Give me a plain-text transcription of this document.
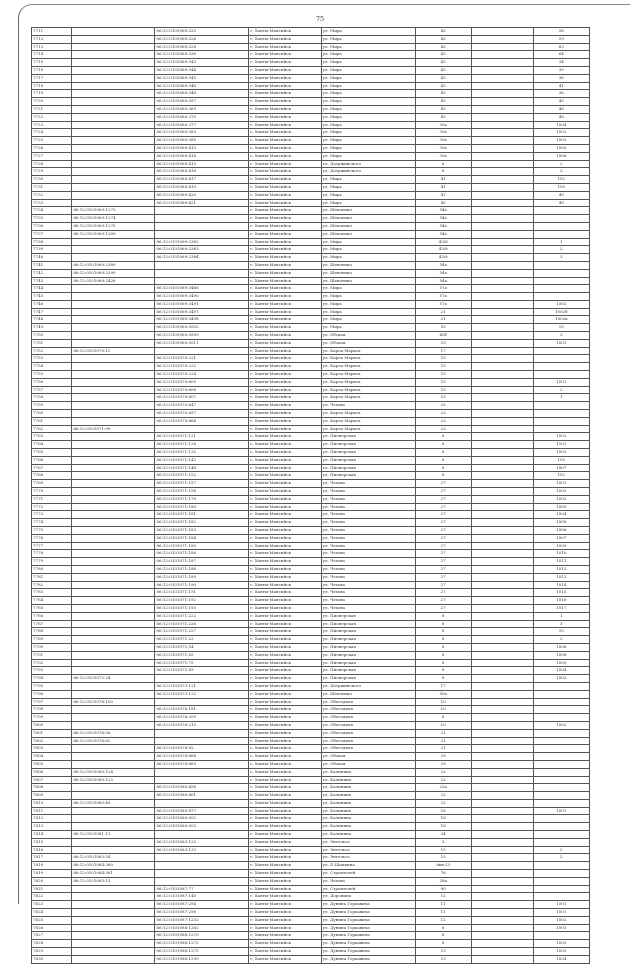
75
7711		86:12:0101069:325	г. Ханты-Мансийск	ул. Мира	43		58
7712		86:12:0101069:326	г. Ханты-Мансийск	ул. Мира	43		59
7713		86:12:0101069:328	г. Ханты-Мансийск	ул. Мира	43		63
7714		86:12:0101069:336	г. Ханты-Мансийск	ул. Мира	43		64
7715		86:12:0101069:343	г. Ханты-Мансийск	ул. Мира	43		34
7716		86:12:0101069:344	г. Ханты-Мансийск	ул. Мира	43		35
7717		86:12:0101069:345	г. Ханты-Мансийск	ул. Мира	43		36
7718		86:12:0101069:346	г. Ханты-Мансийск	ул. Мира	43		41
7719		86:12:0101069:348	г. Ханты-Мансийск	ул. Мира	43		36
7720		86:12:0101069:357	г. Ханты-Мансийск	ул. Мира	43		45
7721		86:12:0101069:369	г. Ханты-Мансийск	ул. Мира	43		46
7722		86:12:0101069:370	г. Ханты-Мансийск	ул. Мира	43		48
7723		86:12:0101069:377	г. Ханты-Мансийск	ул. Мира	39а		1004
7724		86:12:0101069:383	г. Ханты-Мансийск	ул. Мира	39а		1002
7725		86:12:0101069:385	г. Ханты-Мансийск	ул. Мира	39а		1003
7726		86:12:0101069:413	г. Ханты-Мансийск	ул. Мира	39а		1005
7727		86:12:0101069:414	г. Ханты-Мансийск	ул. Мира	39а		1006
7728		86:12:0101069:415	г. Ханты-Мансийск	ул. Дзержинского	6		2
7729		86:12:0101069:416	г. Ханты-Мансийск	ул. Дзержинского	6		3
7730		86:12:0101069:417	г. Ханты-Мансийск	ул. Мира	41		102
7731		86:12:0101069:419	г. Ханты-Мансийск	ул. Мира	41		103
7732		86:12:0101069:420	г. Ханты-Мансийск	ул. Мира	47		49
7733		86:12:0101069:421	г. Ханты-Мансийск	ул. Мира	45		49
7734	86:12:0101069:1273		г. Ханты-Мансийск	ул. Шевченко	54а		
7735	86:12:0101069:1274		г. Ханты-Мансийск	ул. Шевченко	54а		
7736	86:12:0101069:1275		г. Ханты-Мансийск	ул. Шевченко	54а		
7737	86:12:0101069:1289		г. Ханты-Мансийск	ул. Шевченко	54а		
7738		86:12:0101069:2382	г. Ханты-Мансийск	ул. Мира	43/8		1
7739		86:12:0101069:2383	г. Ханты-Мансийск	ул. Мира	43/8		2
7740		86:12:0101069:2384	г. Ханты-Мансийск	ул. Мира	43/8		3
7741	86:12:0101069:2389		г. Ханты-Мансийск	ул. Шевченко	54а		
7742	86:12:0101069:2390		г. Ханты-Мансийск	ул. Шевченко	54а		
7743	86:12:0101069:2426		г. Ханты-Мансийск	ул. Шевченко	54а		
7744		86:12:0101069:3466	г. Ханты-Мансийск	ул. Мира	57а		
7745		86:12:0101069:3490	г. Ханты-Мансийск	ул. Мира	57а		
7746		86:12:0101069:3491	г. Ханты-Мансийск	ул. Мира	57а		1002
7747		86:12:0101069:3497	г. Ханты-Мансийск	ул. Мира	21		1002б
7748		86:12:0101069:3498	г. Ханты-Мансийск	ул. Мира	21		1002в
7749		86:12:0101069:3502	г. Ханты-Мансийск	ул. Мира	55		10
7750		86:12:0101069:3509	г. Ханты-Мансийск	ул. Обская	43б		3
7751		86:12:0101069:3511	г. Ханты-Мансийск	ул. Обская	29		1001
7752	86:12:0101070:12		г. Ханты-Мансийск	ул. Карла Маркса	17		
7753		86:12:0101070:221	г. Ханты-Мансийск	ул. Карла Маркса	15		
7754		86:12:0101070:222	г. Ханты-Мансийск	ул. Карла Маркса	15		
7755		86:12:0101070:224	г. Ханты-Мансийск	ул. Карла Маркса	15		
7756		86:12:0101070:605	г. Ханты-Мансийск	ул. Карла Маркса	15		1001
7757		86:12:0101070:606	г. Ханты-Мансийск	ул. Карла Маркса	15		2
7758		86:12:0101070:607	г. Ханты-Мансийск	ул. Карла Маркса	15		1
7759		86:12:0101070:647	г. Ханты-Мансийск	ул. Чехова	25		
7760		86:12:0101070:657	г. Ханты-Мансийск	ул. Карла Маркса	23		
7761		86:12:0101070:664	г. Ханты-Мансийск	ул. Карла Маркса	23		
7762	86:12:0101071:99		г. Ханты-Мансийск	ул. Карла Маркса	23		
7763		86:12:0101071:121	г. Ханты-Мансийск	ул. Пионерская	8		1002
7764		86:12:0101071:128	г. Ханты-Мансийск	ул. Пионерская	8		1101
7765		86:12:0101071:132	г. Ханты-Мансийск	ул. Пионерская	8		1003
7766		86:12:0101071:142	г. Ханты-Мансийск	ул. Пионерская	8		105
7767		86:12:0101071:148	г. Ханты-Мансийск	ул. Пионерская	8		1007
7768		86:12:0101071:152	г. Ханты-Мансийск	ул. Пионерская	8		102
7769		86:12:0101071:157	г. Ханты-Мансийск	ул. Чехова	27		1001
7770		86:12:0101071:158	г. Ханты-Мансийск	ул. Чехова	27		1003
7771		86:12:0101071:179	г. Ханты-Мансийск	ул. Чехова	27		1002
7772		86:12:0101071:180	г. Ханты-Мансийск	ул. Чехова	27		1005
7773		86:12:0101071:181	г. Ханты-Мансийск	ул. Чехова	27		1004
7774		86:12:0101071:182	г. Ханты-Мансийск	ул. Чехова	27		1008
7775		86:12:0101071:183	г. Ханты-Мансийск	ул. Чехова	27		1006
7776		86:12:0101071:184	г. Ханты-Мансийск	ул. Чехова	27		1007
7777		86:12:0101071:185	г. Ханты-Мансийск	ул. Чехова	27		1009
7778		86:12:0101071:186	г. Ханты-Мансийск	ул. Чехова	27		1010
7779		86:12:0101071:187	г. Ханты-Мансийск	ул. Чехова	27		1011
7780		86:12:0101071:188	г. Ханты-Мансийск	ул. Чехова	27		1012
7781		86:12:0101071:189	г. Ханты-Мансийск	ул. Чехова	27		1013
7782		86:12:0101071:190	г. Ханты-Мансийск	ул. Чехова	27		1014
7783		86:12:0101071:191	г. Ханты-Мансийск	ул. Чехова	27		1015
7784		86:12:0101071:192	г. Ханты-Мансийск	ул. Чехова	27		1016
7785		86:12:0101071:193	г. Ханты-Мансийск	ул. Чехова	27		1017
7786		86:12:0101071:222	г. Ханты-Мансийск	ул. Пионерская	8		1
7787		86:12:0101071:226	г. Ханты-Мансийск	ул. Пионерская	8		3
7788		86:12:0101071:227	г. Ханты-Мансийск	ул. Пионерская	8		10
7789		86:12:0101071:23	г. Ханты-Мансийск	ул. Пионерская	8		2
7790		86:12:0101071:54	г. Ханты-Мансийск	ул. Пионерская	8		1006
7791		86:12:0101071:55	г. Ханты-Мансийск	ул. Пионерская	8		1008
7792		86:12:0101071:75	г. Ханты-Мансийск	ул. Пионерская	8		1005
7793		86:12:0101071:83	г. Ханты-Мансийск	ул. Пионерская	8		1004
7794	86:12:0101072:24		г. Ханты-Мансийск	ул. Пионерская	8		1003
7795		86:12:0101073:121	г. Ханты-Мансийск	ул. Дзержинского	17		
7796		86:12:0101073:122	г. Ханты-Мансийск	ул. Шевченко	50а		
7797	86:12:0101076:100		г. Ханты-Мансийск	ул. Объездная	10		
7798		86:12:0101076:181	г. Ханты-Мансийск	ул. Объездная	10		
7799		86:12:0101076:209	г. Ханты-Мансийск	ул. Объездная	8		
7800		86:12:0101076:215	г. Ханты-Мансийск	ул. Объездная	10		1002
7801	86:12:0101076:56		г. Ханты-Мансийск	ул. Объездная	21		
7802	86:12:0101076:62		г. Ханты-Мансийск	ул. Объездная	21		
7803		86:12:0101076:82	г. Ханты-Мансийск	ул. Объездная	21		
7804		86:12:0101078:868	г. Ханты-Мансийск	ул. Обская	29		
7805		86:12:0101078:869	г. Ханты-Мансийск	ул. Обская	29		
7806	86:12:0101080:124		г. Ханты-Мансийск	ул. Калинина	22		
7807	86:12:0101080:125		г. Ханты-Мансийск	ул. Калинина	22		
7808		86:12:0101080:458	г. Ханты-Мансийск	ул. Калинина	22а		
7809		86:12:0101080:461	г. Ханты-Мансийск	ул. Калинина	22		
7810	86:12:0101080:49		г. Ханты-Мансийск	ул. Калинина	22		
7811		86:12:0101080:477	г. Ханты-Мансийск	ул. Калинина	16		1001
7812		86:12:0101080:502	г. Ханты-Мансийск	ул. Калинина	16		
7813		86:12:0101080:503	г. Ханты-Мансийск	ул. Калинина	16		
7814	86:12:0101081:11		г. Ханты-Мансийск	ул. Калинина	24		
7815		86:12:0101083:125	г. Ханты-Мансийск	ул. Энгельса	3		
7816		86:12:0101083:132	г. Ханты-Мансийск	ул. Энгельса	15		2
7817	86:12:0101083:54		г. Ханты-Мансийск	ул. Энгельса	15		2
7818	86:12:0101084:360		г. Ханты-Мансийск	ул. П.Шапкина	6кв-23		
7819	86:12:0101084:361		г. Ханты-Мансийск	ул. Строителей	76		
7820	86:12:0101085:15		г. Ханты-Мансийск	ул. Чехова	28а		
7821		86:12:0101087:77	г. Ханты-Мансийск	ул. Строителей	90		
7822		86:12:0101087:140	г. Ханты-Мансийск	ул. Доронина	12		
7823		86:12:0101087:294	г. Ханты-Мансийск	ул. Дунина Горкавича	11		1001
7824		86:12:0101087:298	г. Ханты-Мансийск	ул. Дунина Горкавича	11		1001
7825		86:12:0101087:1252	г. Ханты-Мансийск	ул. Дунина Горкавича	12		1002
7826		86:12:0101088:1262	г. Ханты-Мансийск	ул. Дунина Горкавича	6		1001
7827		86:12:0101088:1270	г. Ханты-Мансийск	ул. Дунина Горкавича	6		
7828		86:12:0101088:1272	г. Ханты-Мансийск	ул. Дунина Горкавича	6		1003
7829		86:12:0101088:1275	г. Ханты-Мансийск	ул. Дунина Горкавича	13		1003
7830		86:12:0101088:1290	г. Ханты-Мансийск	ул. Дунина Горкавича	13		1004
